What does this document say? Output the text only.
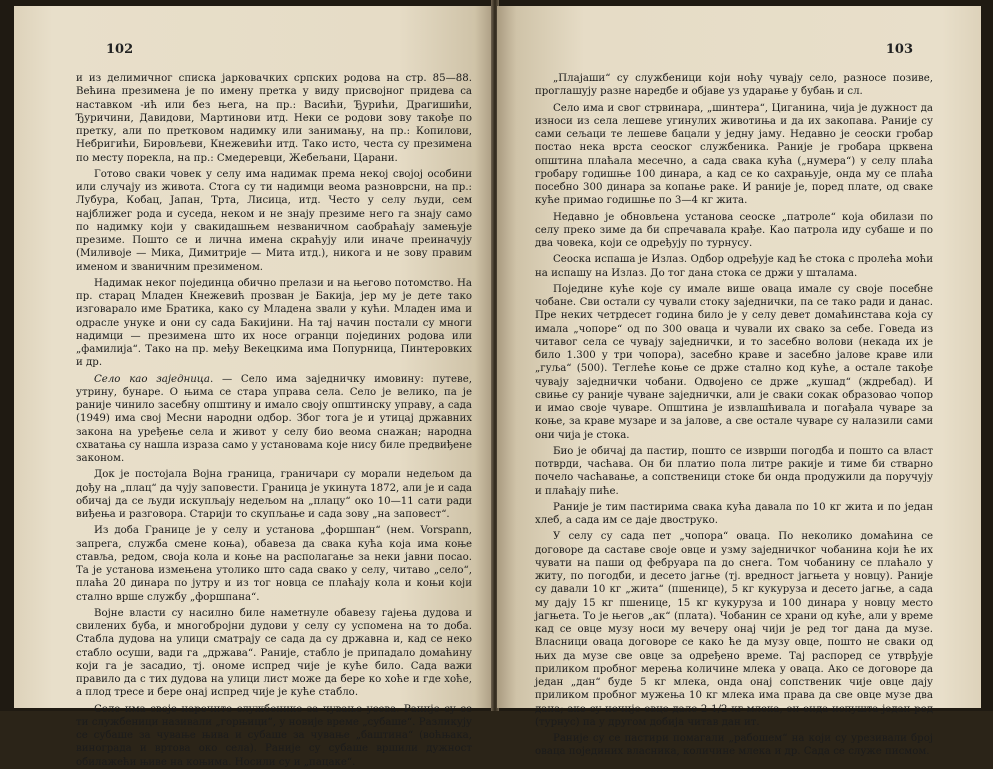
102

и из делимичног списка јарковачких српских родова на стр. 85—88. Већина презимена је по имену претка у виду присвојног придева са наставком -ић или без њега, на пр.: Васићи, Ђурићи, Драгишићи, Ђуричини, Давидови, Мартинови итд. Неки се родови зову такође по претку, али по претковом надимку или занимању, на пр.: Копилови, Небригићи, Бировљеви, Кнежевићи итд. Тако исто, честа су презимена по месту порекла, на пр.: Смедеревци, Жебељани, Царани.

Готово сваки човек у селу има надимак према некој својој особини или случају из живота. Стога су ти надимци веома разноврсни, на пр.: Лубура, Кобац, Јапан, Трта, Лисица, итд. Често у селу људи, сем најближег рода и суседа, неком и не знају презиме него га знају само по надимку који у свакидашњем незваничном саобраћају замењује презиме. Пошто се и лична имена скраћују или иначе преиначују (Миливоје — Мика, Димитрије — Мита итд.), никога и не зову правим именом и званичним презименом.

Надимак неког појединца обично прелази и на његово потомство. На пр. старац Младен Кнежевић прозван је Бакија, јер му је дете тако изговарало име Братика, како су Младена звали у кући. Младен има и одрасле унуке и они су сада Бакијини. На тај начин постали су многи надимци — презимена што их носе огранци појединих родова или „фамилија“. Тако на пр. међу Векецкима има Попурница, Пинтеровких и др.

Село као заједница. — Село има заједничку имовину: путеве, утрину, бунаре. О њима се стара управа села. Село је велико, па је раније чинило засебну општину и имало своју општинску управу, а сада (1949) има свој Месни народни одбор. Због тога је и утицај државних закона на уређење села и живот у селу био веома снажан; народна схватања су нашла израза само у установама које нису биле предвиђене законом.

Док је постојала Војна граница, граничари су морали недељом да дођу на „плац“ да чују заповести. Граница је укинута 1872, али је и сада обичај да се људи искупљају недељом на „плацу“ око 10—11 сати ради виђења и разговора. Старији то скупљање и сада зову „на заповест“.

Из доба Границе је у селу и установа „форшпан“ (нем. Vorspann, запрега, служба смене коња), обавеза да свака кућа која има коње ставља, редом, своја кола и коње на располагање за неки јавни посао. Та је установа измењена утолико што сада свако у селу, читаво „село“, плаћа 20 динара по јутру и из тог новца се плаћају кола и коњи који стално врше службу „форшпана“.

Војне власти су насилно биле наметнуле обавезу гајења дудова и свилених буба, и многобројни дудови у селу су успомена на то доба. Стабла дудова на улици сматрају се сада да су државна и, кад се неко стабло осуши, вади га „држава“. Раније, стабло је припадало домаћину који га је засадио, тј. ономе испред чије је куће било. Сада важи правило да с тих дудова на улици лист може да бере ко хоће и где хоће, а плод тресе и бере онај испред чије је куће стабло.

Село има своје нарочите службенике за чување усева. Раније су се ти службеници називали „горњици“, у новије време „субаше“. Разликују се субаше за чување њива и субаше за чување „баштина“ (воћњака, винограда и вртова око села). Раније су субаше вршили дужност обилажећи њиве на коњима. Носили су и „пацаке“.

103

„Плајаши“ су службеници који ноћу чувају село, разносе позиве, проглашују разне наредбе и објаве уз ударање у бубањ и сл.

Село има и свог стрвинара, „шинтера“, Циганина, чија је дужност да износи из села лешеве угинулих животиња и да их закопава. Раније су сами сељаци те лешеве бацали у једну јаму. Недавно је сеоски гробар постао нека врста сеоског службеника. Раније је гробара црквена општина плаћала месечно, а сада свака кућа („нумера“) у селу плаћа гробару годишње 100 динара, а кад се ко сахрањује, онда му се плаћа посебно 300 динара за копање раке. И раније је, поред плате, од сваке куће примао годишње по 3—4 кг жита.

Недавно је обновљена установа сеоске „патроле“ која обилази по селу преко зиме да би спречавала крађе. Као патрола иду субаше и по два човека, који се одређују по турнусу.

Сеоска испаша је Излаз. Одбор одређује кад ће стока с пролећа моћи на испашу на Излаз. До тог дана стока се држи у шталама.

Поједине куће које су имале више оваца имале су своје посебне чобане. Сви остали су чували стоку заједнички, па се тако ради и данас. Пре неких четрдесет година било је у селу девет домаћинстава која су имала „чопоре“ од по 300 оваца и чували их свако за себе. Говеда из читавог села се чувају заједнички, и то засебно волови (некада их је било 1.300 у три чопора), засебно краве и засебно јалове краве или „гуља“ (500). Теглеће коње се држе стално код куће, а остале такође чувају заједнички чобани. Одвојено се држе „кушад“ (ждребад). И свиње су раније чуване заједнички, али је сваки сокак образовао чопор и имао своје чуваре. Општина је извлашћивала и погађала чуваре за коње, за краве музаре и за јалове, а све остале чуваре су налазили сами они чија је стока.

Био је обичај да пастир, пошто се изврши погодба и пошто са власт потврди, часћава. Он би платио пола литре ракије и тиме би стварно почело часћавање, а сопственици стоке би онда продужили да поручују и плаћају пиће.

Раније је тим пастирима свака кућа давала по 10 кг жита и по један хлеб, а сада им се даје двоструко.

У селу су сада пет „чопора“ оваца. По неколико домаћина се договоре да саставе своје овце и узму заједничког чобанина који ће их чувати на паши од фебруара па до снега. Том чобанину се плаћало у житу, по погодби, и десето јагње (тј. вредност јагњета у новцу). Раније су давали 10 кг „жита“ (пшенице), 5 кг кукуруза и десето јагње, а сада му дају 15 кг пшенице, 15 кг кукуруза и 100 динара у новцу место јагњета. То је његов „ак“ (плата). Чобанин се храни од куће, али у време кад се овце музу носи му вечеру онај чији је ред тог дана да музе. Власници оваца договоре се како ће да музу овце, пошто не сваки од њих да музе све овце за одређено време. Тај распоред се утврђује приликом пробног мерења количине млека у оваца. Ако се договоре да један „дан“ буде 5 кг млека, онда онај сопственик чије овце дају приликом пробног мужења 10 кг млека има права да све овце музе два дана; ако су нечије овце дале 2 1/2 кг млека, он онда испушта један ред (турнус) па у другом добија читав дан ит.

Раније су се пастири помагали „рабошем“ на који су урезивали број оваца појединих власника, количине млека и др. Сада се служе писмом.
